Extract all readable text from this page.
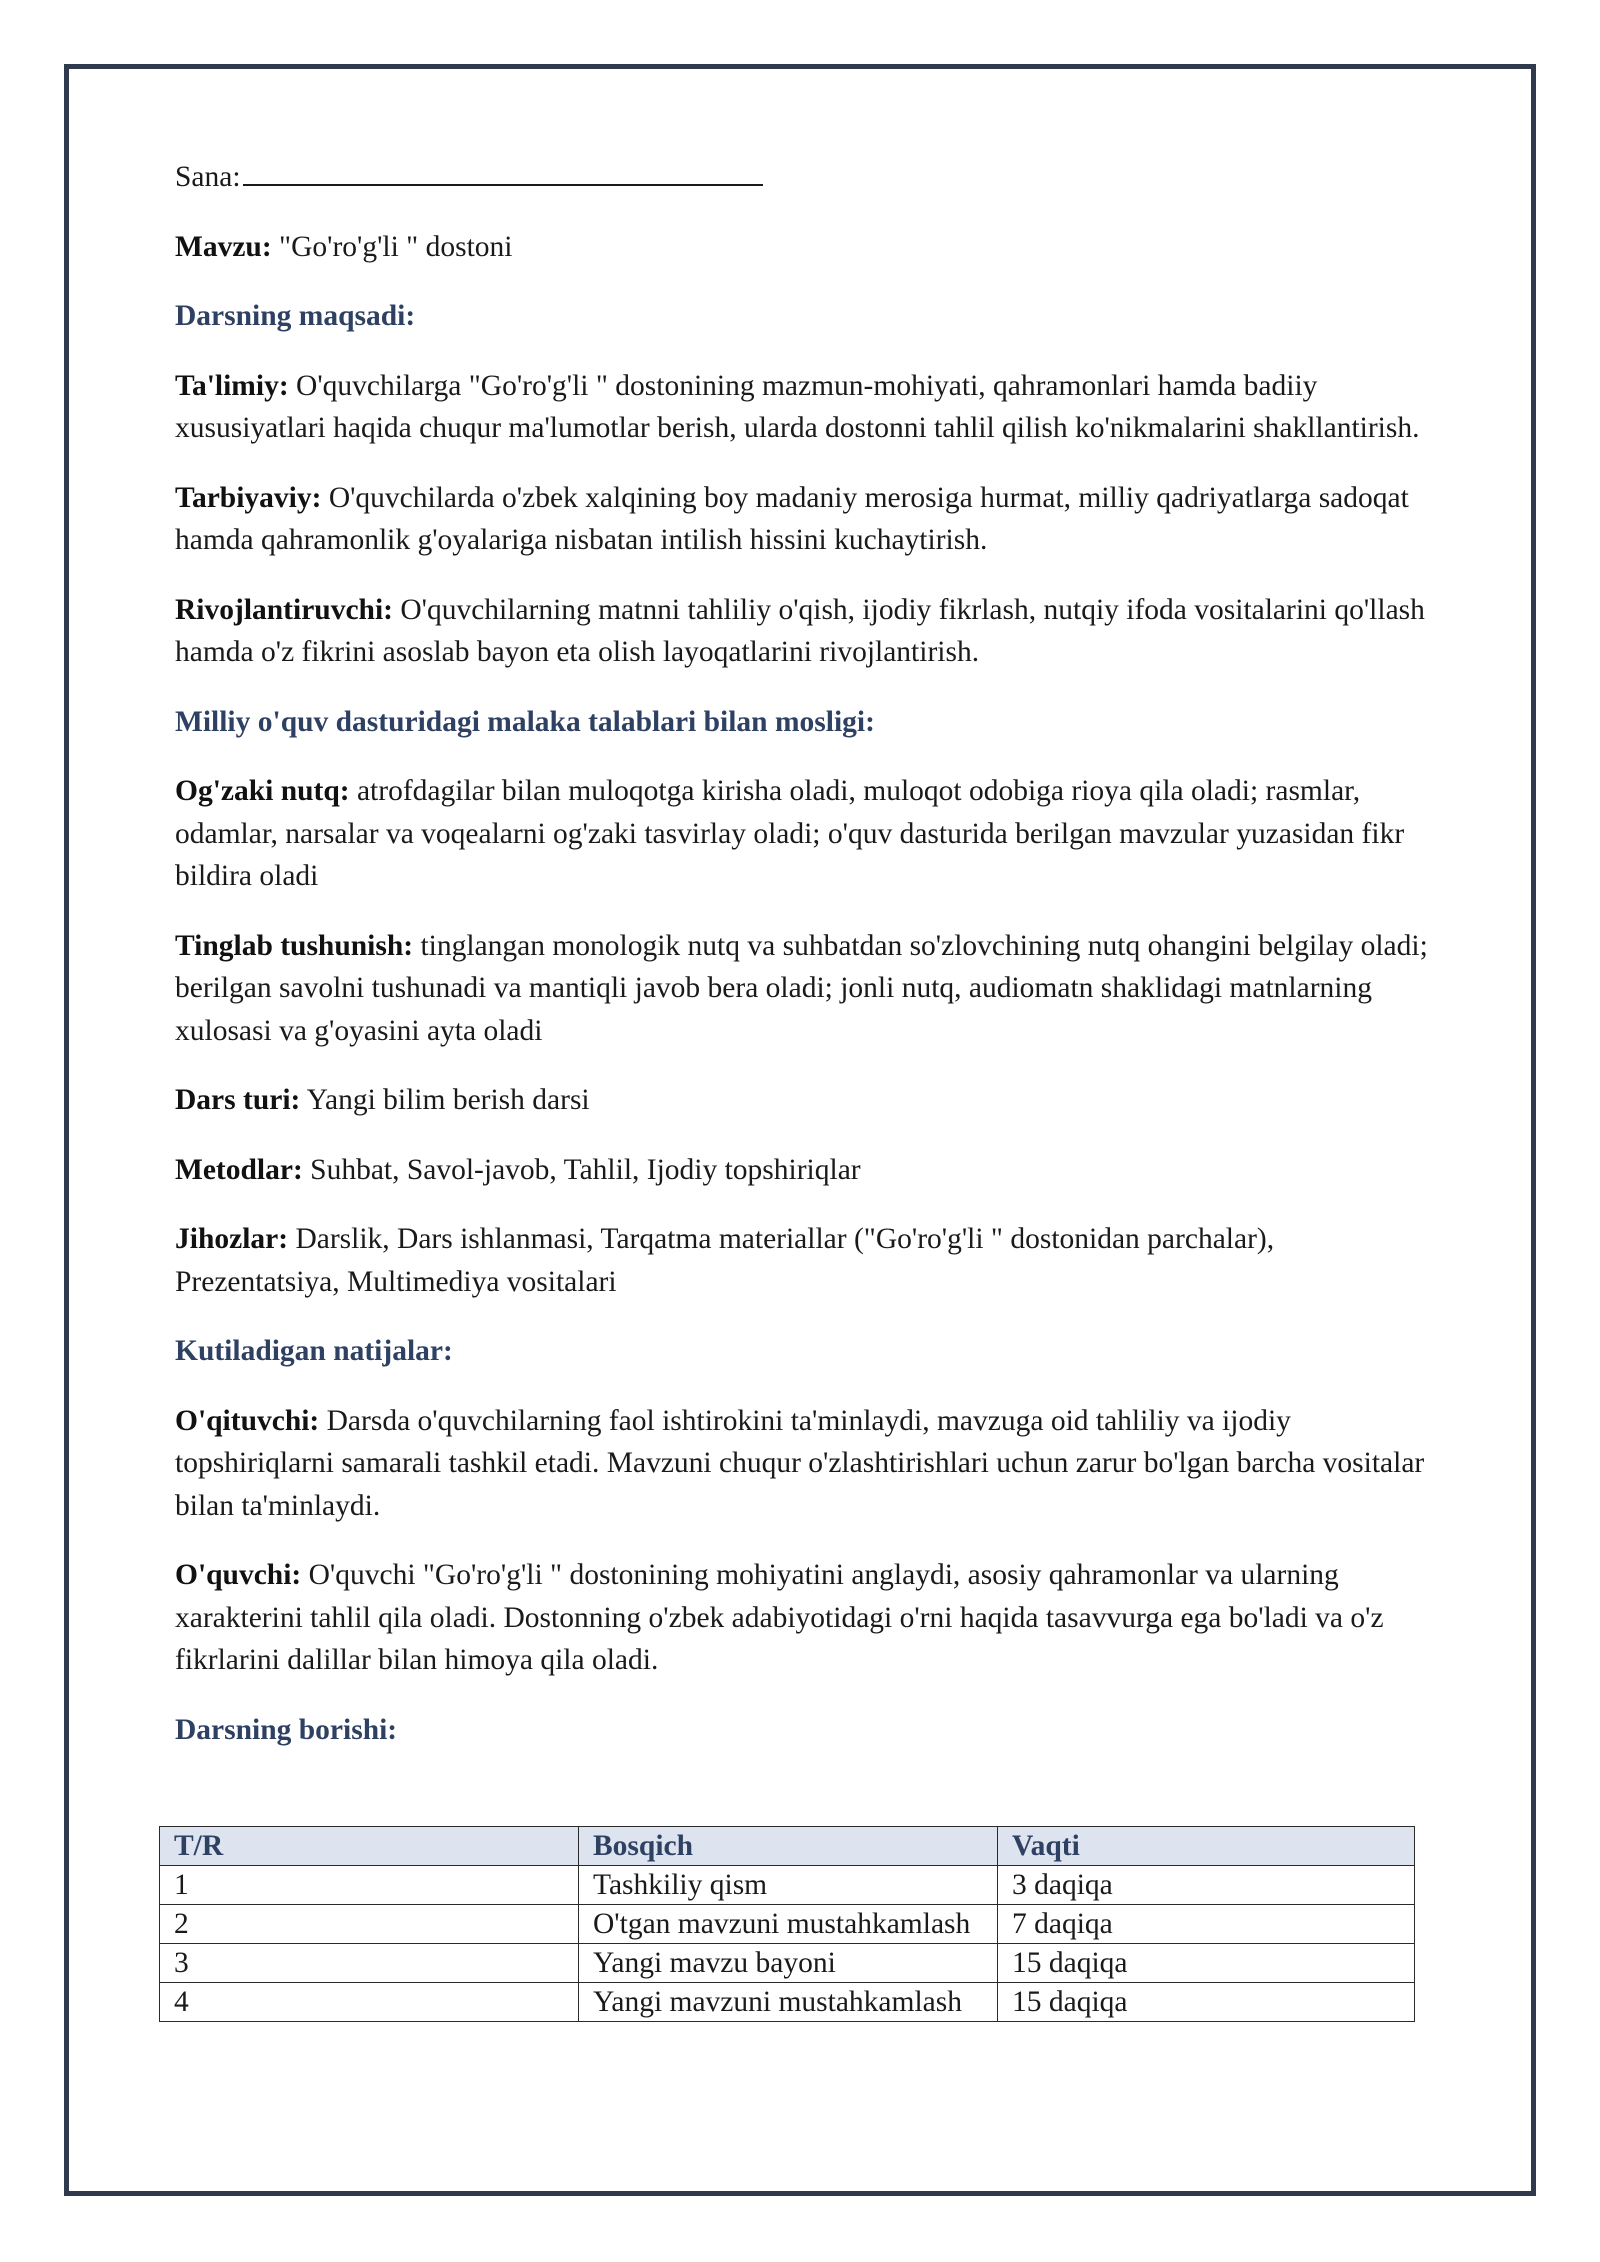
Sana:

Mavzu: "Go'ro'g'li " dostoni

Darsning maqsadi:

Ta'limiy: O'quvchilarga "Go'ro'g'li " dostonining mazmun-mohiyati, qahramonlari hamda badiiy xususiyatlari haqida chuqur ma'lumotlar berish, ularda dostonni tahlil qilish ko'nikmalarini shakllantirish.

Tarbiyaviy: O'quvchilarda o'zbek xalqining boy madaniy merosiga hurmat, milliy qadriyatlarga sadoqat hamda qahramonlik g'oyalariga nisbatan intilish hissini kuchaytirish.

Rivojlantiruvchi: O'quvchilarning matnni tahliliy o'qish, ijodiy fikrlash, nutqiy ifoda vositalarini qo'llash hamda o'z fikrini asoslab bayon eta olish layoqatlarini rivojlantirish.

Milliy o'quv dasturidagi malaka talablari bilan mosligi:

Og'zaki nutq: atrofdagilar bilan muloqotga kirisha oladi, muloqot odobiga rioya qila oladi; rasmlar, odamlar, narsalar va voqealarni og'zaki tasvirlay oladi; o'quv dasturida berilgan mavzular yuzasidan fikr bildira oladi

Tinglab tushunish: tinglangan monologik nutq va suhbatdan so'zlovchining nutq ohangini belgilay oladi; berilgan savolni tushunadi va mantiqli javob bera oladi; jonli nutq, audiomatn shaklidagi matnlarning xulosasi va g'oyasini ayta oladi

Dars turi: Yangi bilim berish darsi

Metodlar: Suhbat, Savol-javob, Tahlil, Ijodiy topshiriqlar

Jihozlar: Darslik, Dars ishlanmasi, Tarqatma materiallar ("Go'ro'g'li " dostonidan parchalar), Prezentatsiya, Multimediya vositalari

Kutiladigan natijalar:

O'qituvchi: Darsda o'quvchilarning faol ishtirokini ta'minlaydi, mavzuga oid tahliliy va ijodiy topshiriqlarni samarali tashkil etadi. Mavzuni chuqur o'zlashtirishlari uchun zarur bo'lgan barcha vositalar bilan ta'minlaydi.

O'quvchi: O'quvchi "Go'ro'g'li " dostonining mohiyatini anglaydi, asosiy qahramonlar va ularning xarakterini tahlil qila oladi. Dostonning o'zbek adabiyotidagi o'rni haqida tasavvurga ega bo'ladi va o'z fikrlarini dalillar bilan himoya qila oladi.

Darsning borishi:

T/R	Bosqich	Vaqti
1	Tashkiliy qism	3 daqiqa
2	O'tgan mavzuni mustahkamlash	7 daqiqa
3	Yangi mavzu bayoni	15 daqiqa
4	Yangi mavzuni mustahkamlash	15 daqiqa
